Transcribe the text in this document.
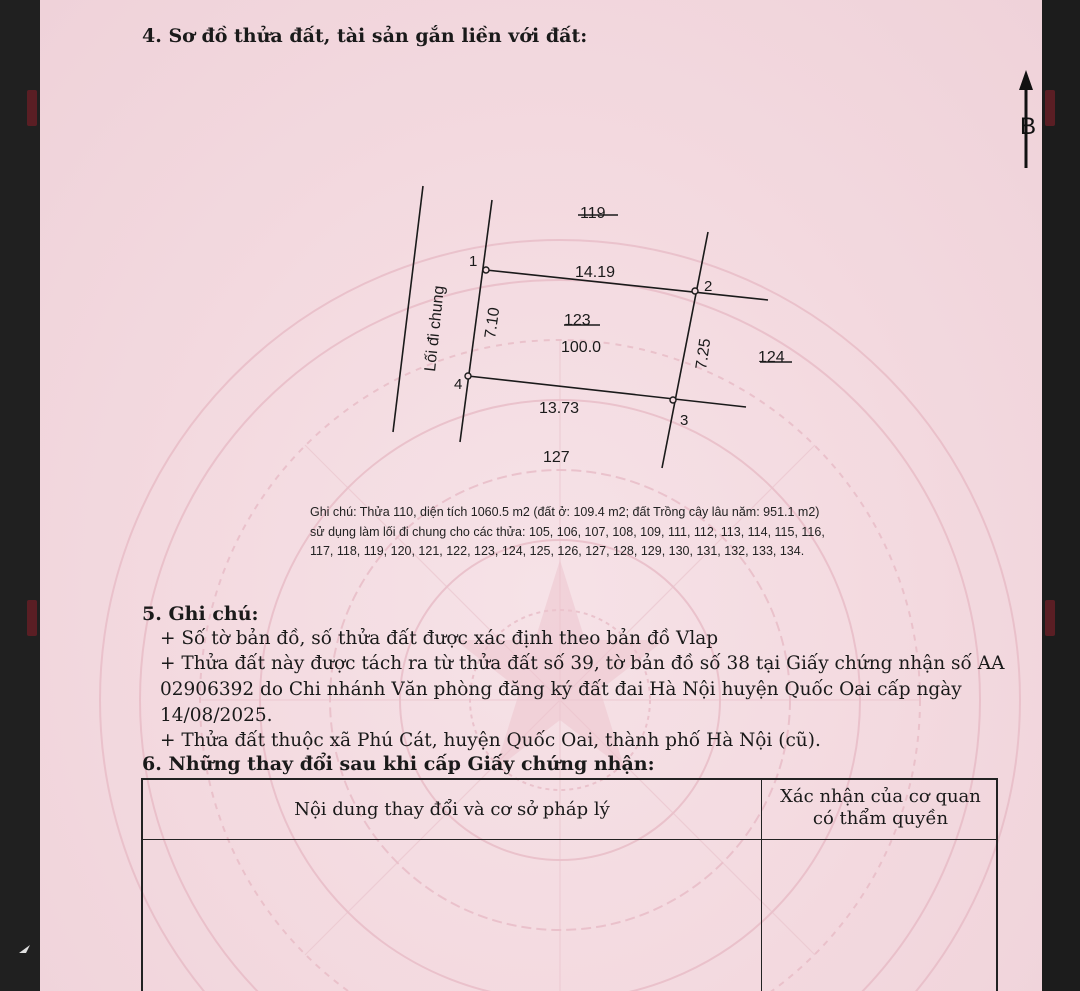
4. Sơ đồ thửa đất, tài sản gắn liền với đất:
B
Lối đi chung
119
124
127
123
100.0
1
2
3
4
14.19
13.73
7.10
7.25
Ghi chú: Thửa 110, diện tích 1060.5 m2 (đất ở: 109.4 m2; đất Trồng cây lâu năm: 951.1 m2)
sử dụng làm lối đi chung cho các thửa: 105, 106, 107, 108, 109, 111, 112, 113, 114, 115, 116,
117, 118, 119, 120, 121, 122, 123, 124, 125, 126, 127, 128, 129, 130, 131, 132, 133, 134.
5. Ghi chú:
+ Số tờ bản đồ, số thửa đất được xác định theo bản đồ Vlap
+ Thửa đất này được tách ra từ thửa đất số 39, tờ bản đồ số 38 tại Giấy chứng nhận số AA
02906392 do Chi nhánh Văn phòng đăng ký đất đai Hà Nội huyện Quốc Oai cấp ngày
14/08/2025.
+ Thửa đất thuộc xã Phú Cát, huyện Quốc Oai, thành phố Hà Nội (cũ).
6. Những thay đổi sau khi cấp Giấy chứng nhận:
Nội dung thay đổi và cơ sở pháp lý
Xác nhận của cơ quan
có thẩm quyền
